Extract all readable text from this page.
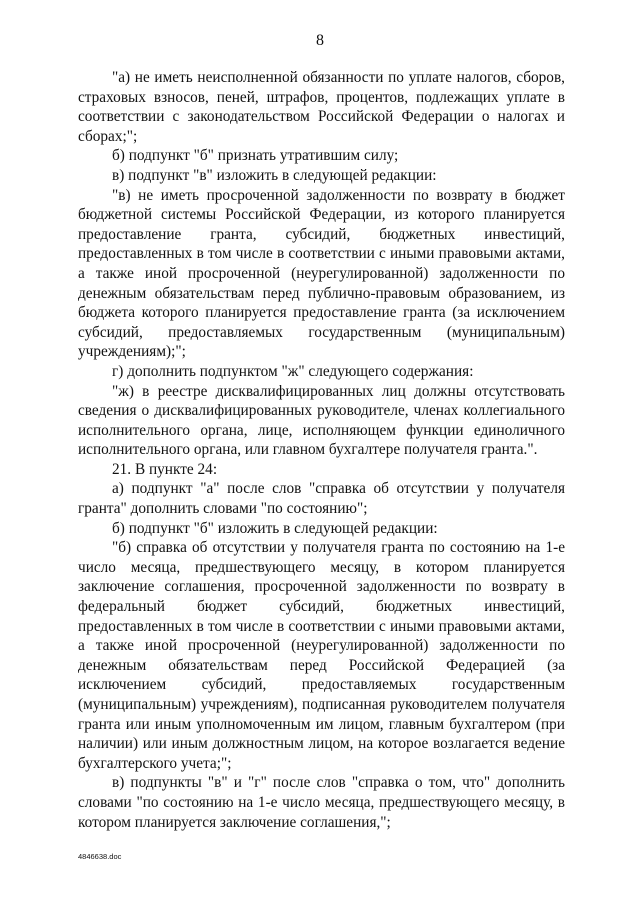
8

"а) не иметь неисполненной обязанности по уплате налогов, сборов, страховых взносов, пеней, штрафов, процентов, подлежащих уплате в соответствии с законодательством Российской Федерации о налогах и сборах;";

б) подпункт "б" признать утратившим силу;

в) подпункт "в" изложить в следующей редакции:

"в) не иметь просроченной задолженности по возврату в бюджет бюджетной системы Российской Федерации, из которого планируется предоставление гранта, субсидий, бюджетных инвестиций, предоставленных в том числе в соответствии с иными правовыми актами, а также иной просроченной (неурегулированной) задолженности по денежным обязательствам перед публично-правовым образованием, из бюджета которого планируется предоставление гранта (за исключением субсидий, предоставляемых государственным (муниципальным) учреждениям);";

г) дополнить подпунктом "ж" следующего содержания:

"ж) в реестре дисквалифицированных лиц должны отсутствовать сведения о дисквалифицированных руководителе, членах коллегиального исполнительного органа, лице, исполняющем функции единоличного исполнительного органа, или главном бухгалтере получателя гранта.".

21. В пункте 24:

а) подпункт "а" после слов "справка об отсутствии у получателя гранта" дополнить словами "по состоянию";

б) подпункт "б" изложить в следующей редакции:

"б) справка об отсутствии у получателя гранта по состоянию на 1-е число месяца, предшествующего месяцу, в котором планируется заключение соглашения, просроченной задолженности по возврату в федеральный бюджет субсидий, бюджетных инвестиций, предоставленных в том числе в соответствии с иными правовыми актами, а также иной просроченной (неурегулированной) задолженности по денежным обязательствам перед Российской Федерацией (за исключением субсидий, предоставляемых государственным (муниципальным) учреждениям), подписанная руководителем получателя гранта или иным уполномоченным им лицом, главным бухгалтером (при наличии) или иным должностным лицом, на которое возлагается ведение бухгалтерского учета;";

в) подпункты "в" и "г" после слов "справка о том, что" дополнить словами "по состоянию на 1-е число месяца, предшествующего месяцу, в котором планируется заключение соглашения,";

4846638.doc
